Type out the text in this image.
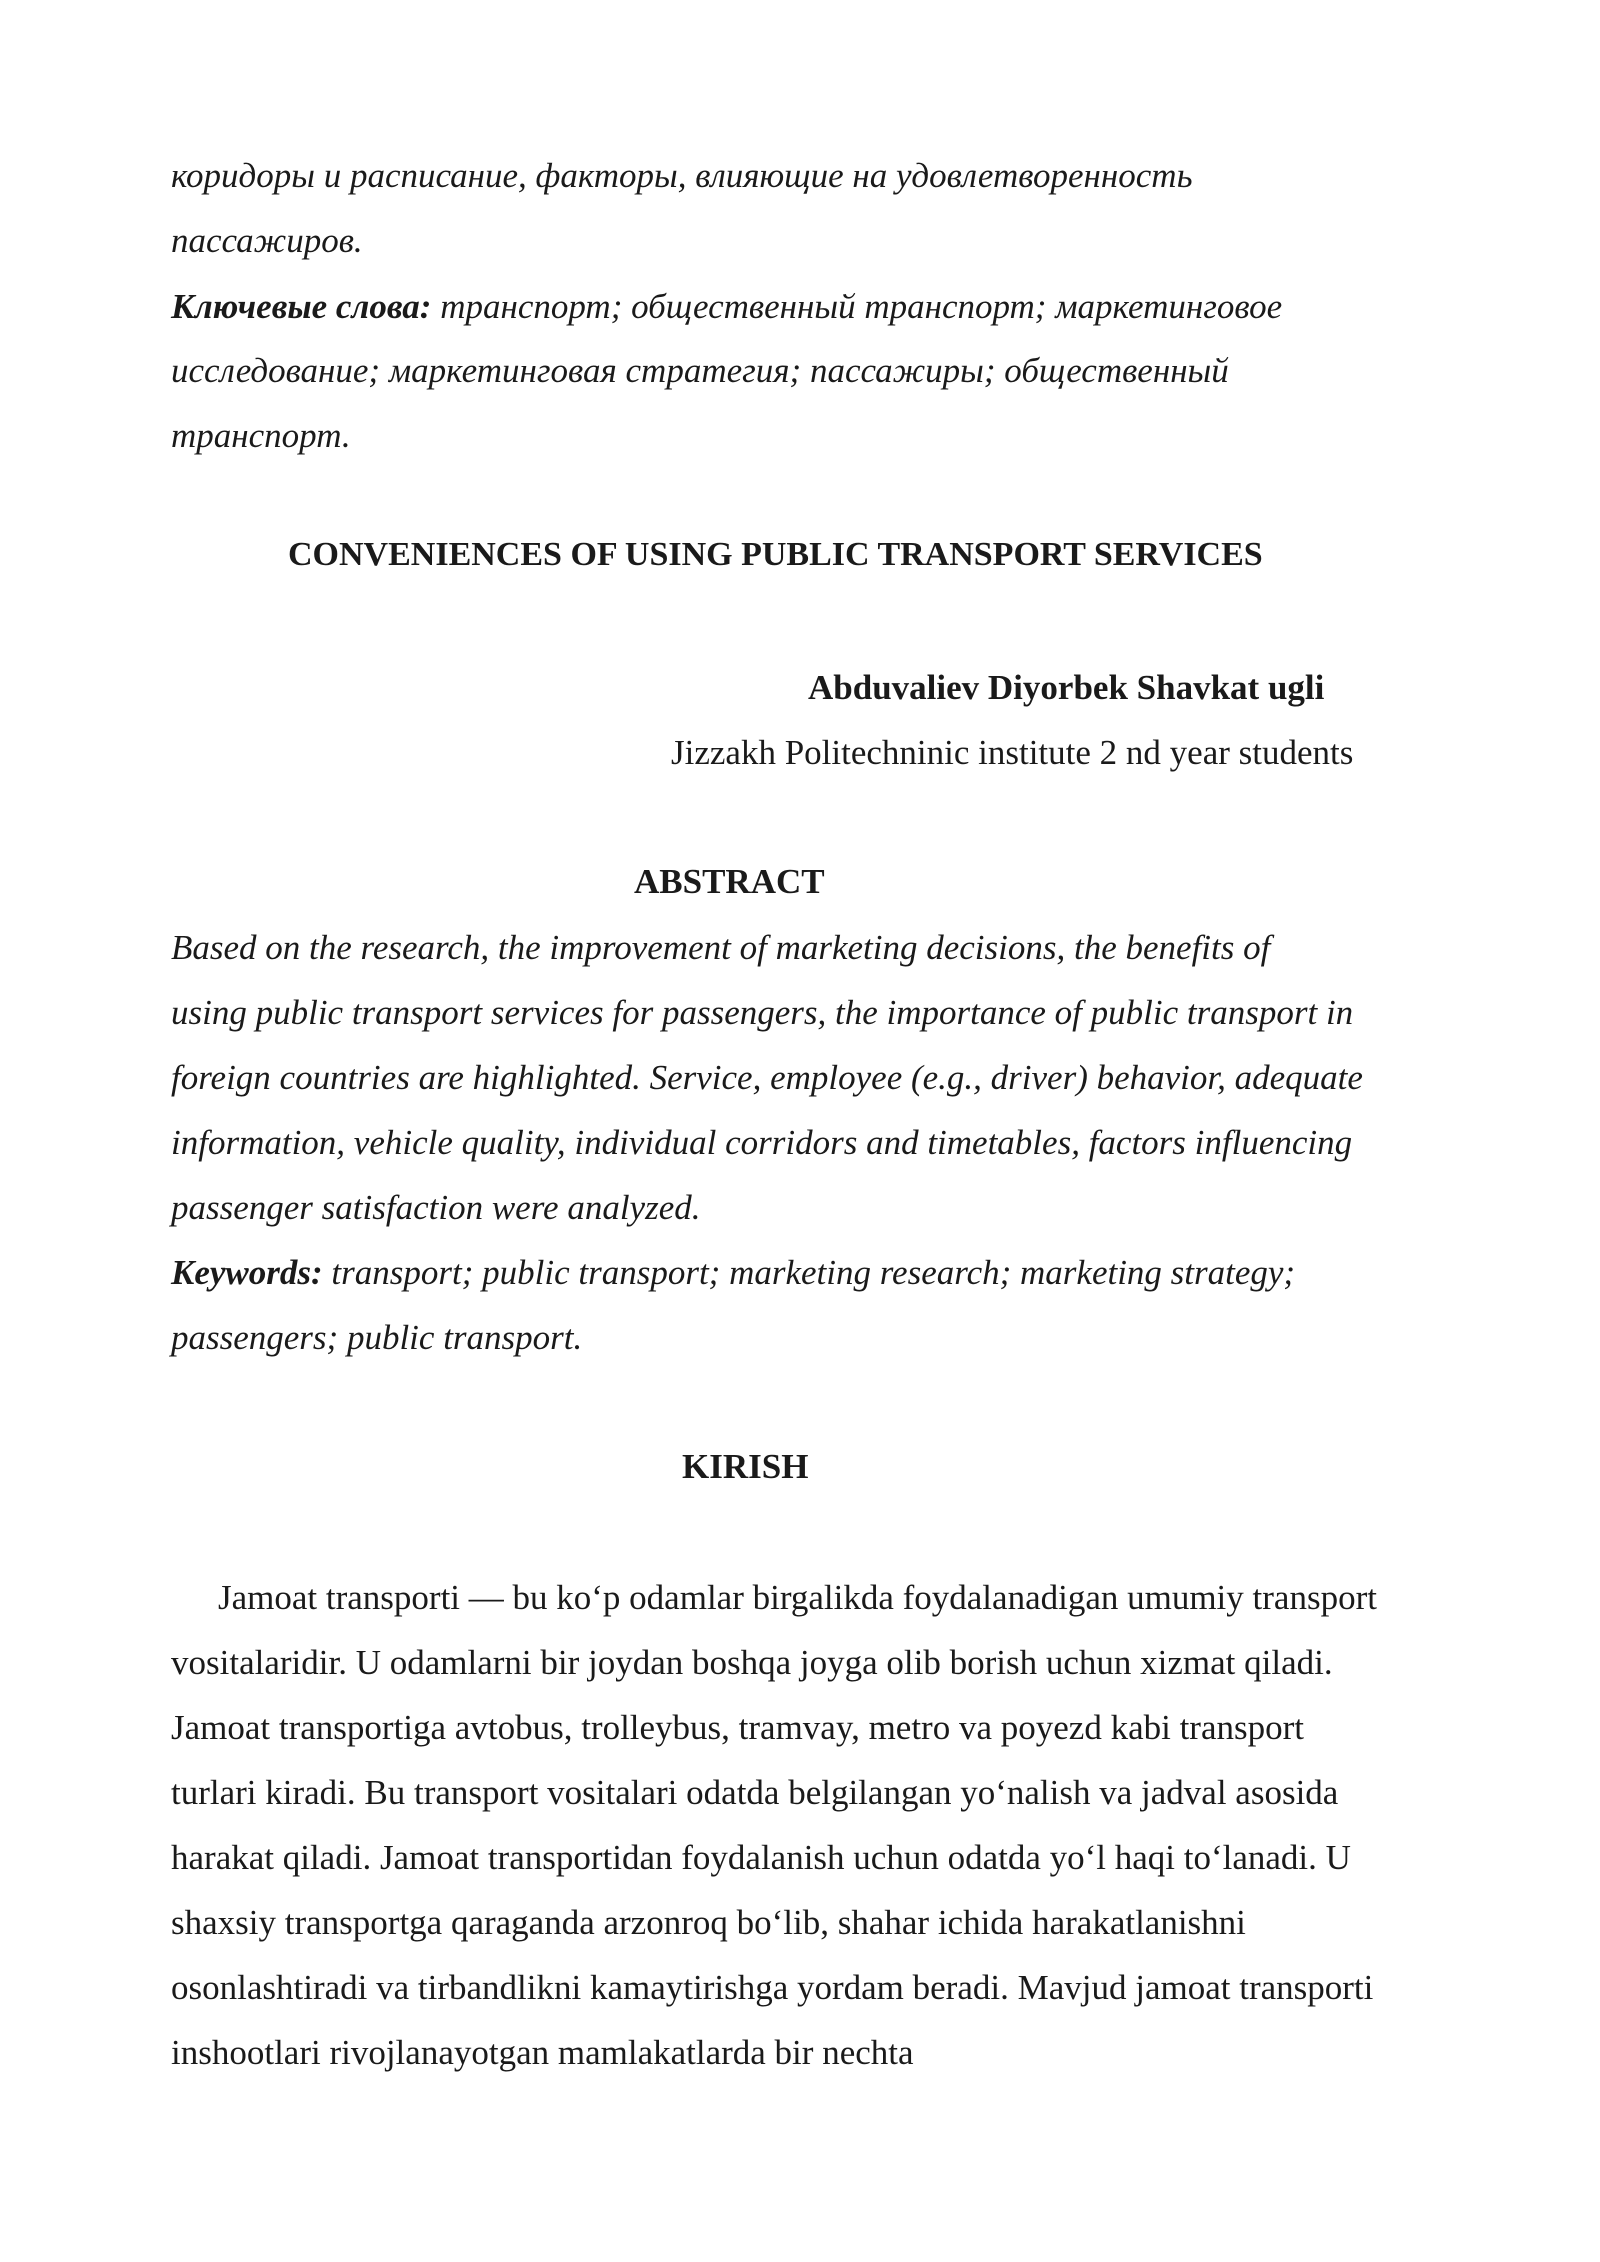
коридоры и расписание, факторы, влияющие на удовлетворенность
пассажиров.
Ключевые слова: транспорт; общественный транспорт; маркетинговое
исследование; маркетинговая стратегия; пассажиры; общественный
транспорт.
CONVENIENCES OF USING PUBLIC TRANSPORT SERVICES
Abduvaliev Diyorbek Shavkat ugli
Jizzakh Politechninic institute 2 nd year students
ABSTRACT
Based on the research, the improvement of marketing decisions, the benefits of
using public transport services for passengers, the importance of public transport in
foreign countries are highlighted. Service, employee (e.g., driver) behavior, adequate
information, vehicle quality, individual corridors and timetables, factors influencing
passenger satisfaction were analyzed.
Keywords: transport; public transport; marketing research; marketing strategy;
passengers; public transport.
KIRISH
Jamoat transporti — bu ko‘p odamlar birgalikda foydalanadigan umumiy transport
vositalaridir. U odamlarni bir joydan boshqa joyga olib borish uchun xizmat qiladi.
Jamoat transportiga avtobus, trolleybus, tramvay, metro va poyezd kabi transport
turlari kiradi. Bu transport vositalari odatda belgilangan yo‘nalish va jadval asosida
harakat qiladi. Jamoat transportidan foydalanish uchun odatda yo‘l haqi to‘lanadi. U
shaxsiy transportga qaraganda arzonroq bo‘lib, shahar ichida harakatlanishni
osonlashtiradi va tirbandlikni kamaytirishga yordam beradi. Mavjud jamoat transporti
inshootlari rivojlanayotgan mamlakatlarda bir nechta
